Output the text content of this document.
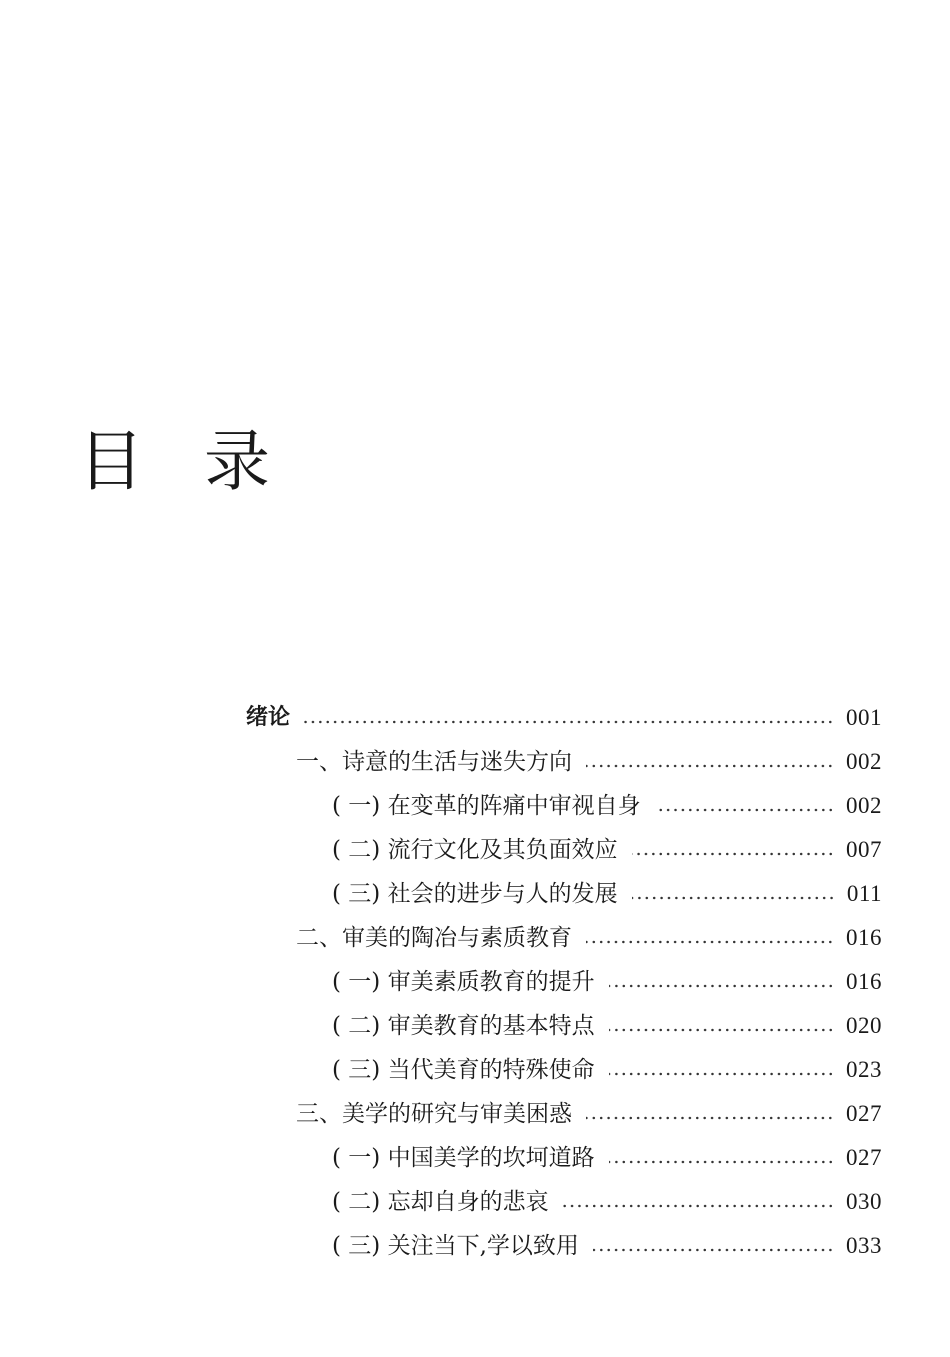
目 录
绪论	001
一、诗意的生活与迷失方向	002
( 一) 在变革的阵痛中审视自身	002
( 二) 流行文化及其负面效应	007
( 三) 社会的进步与人的发展	011
二、审美的陶冶与素质教育	016
( 一) 审美素质教育的提升	016
( 二) 审美教育的基本特点	020
( 三) 当代美育的特殊使命	023
三、美学的研究与审美困惑	027
( 一) 中国美学的坎坷道路	027
( 二) 忘却自身的悲哀	030
( 三) 关注当下,学以致用	033
